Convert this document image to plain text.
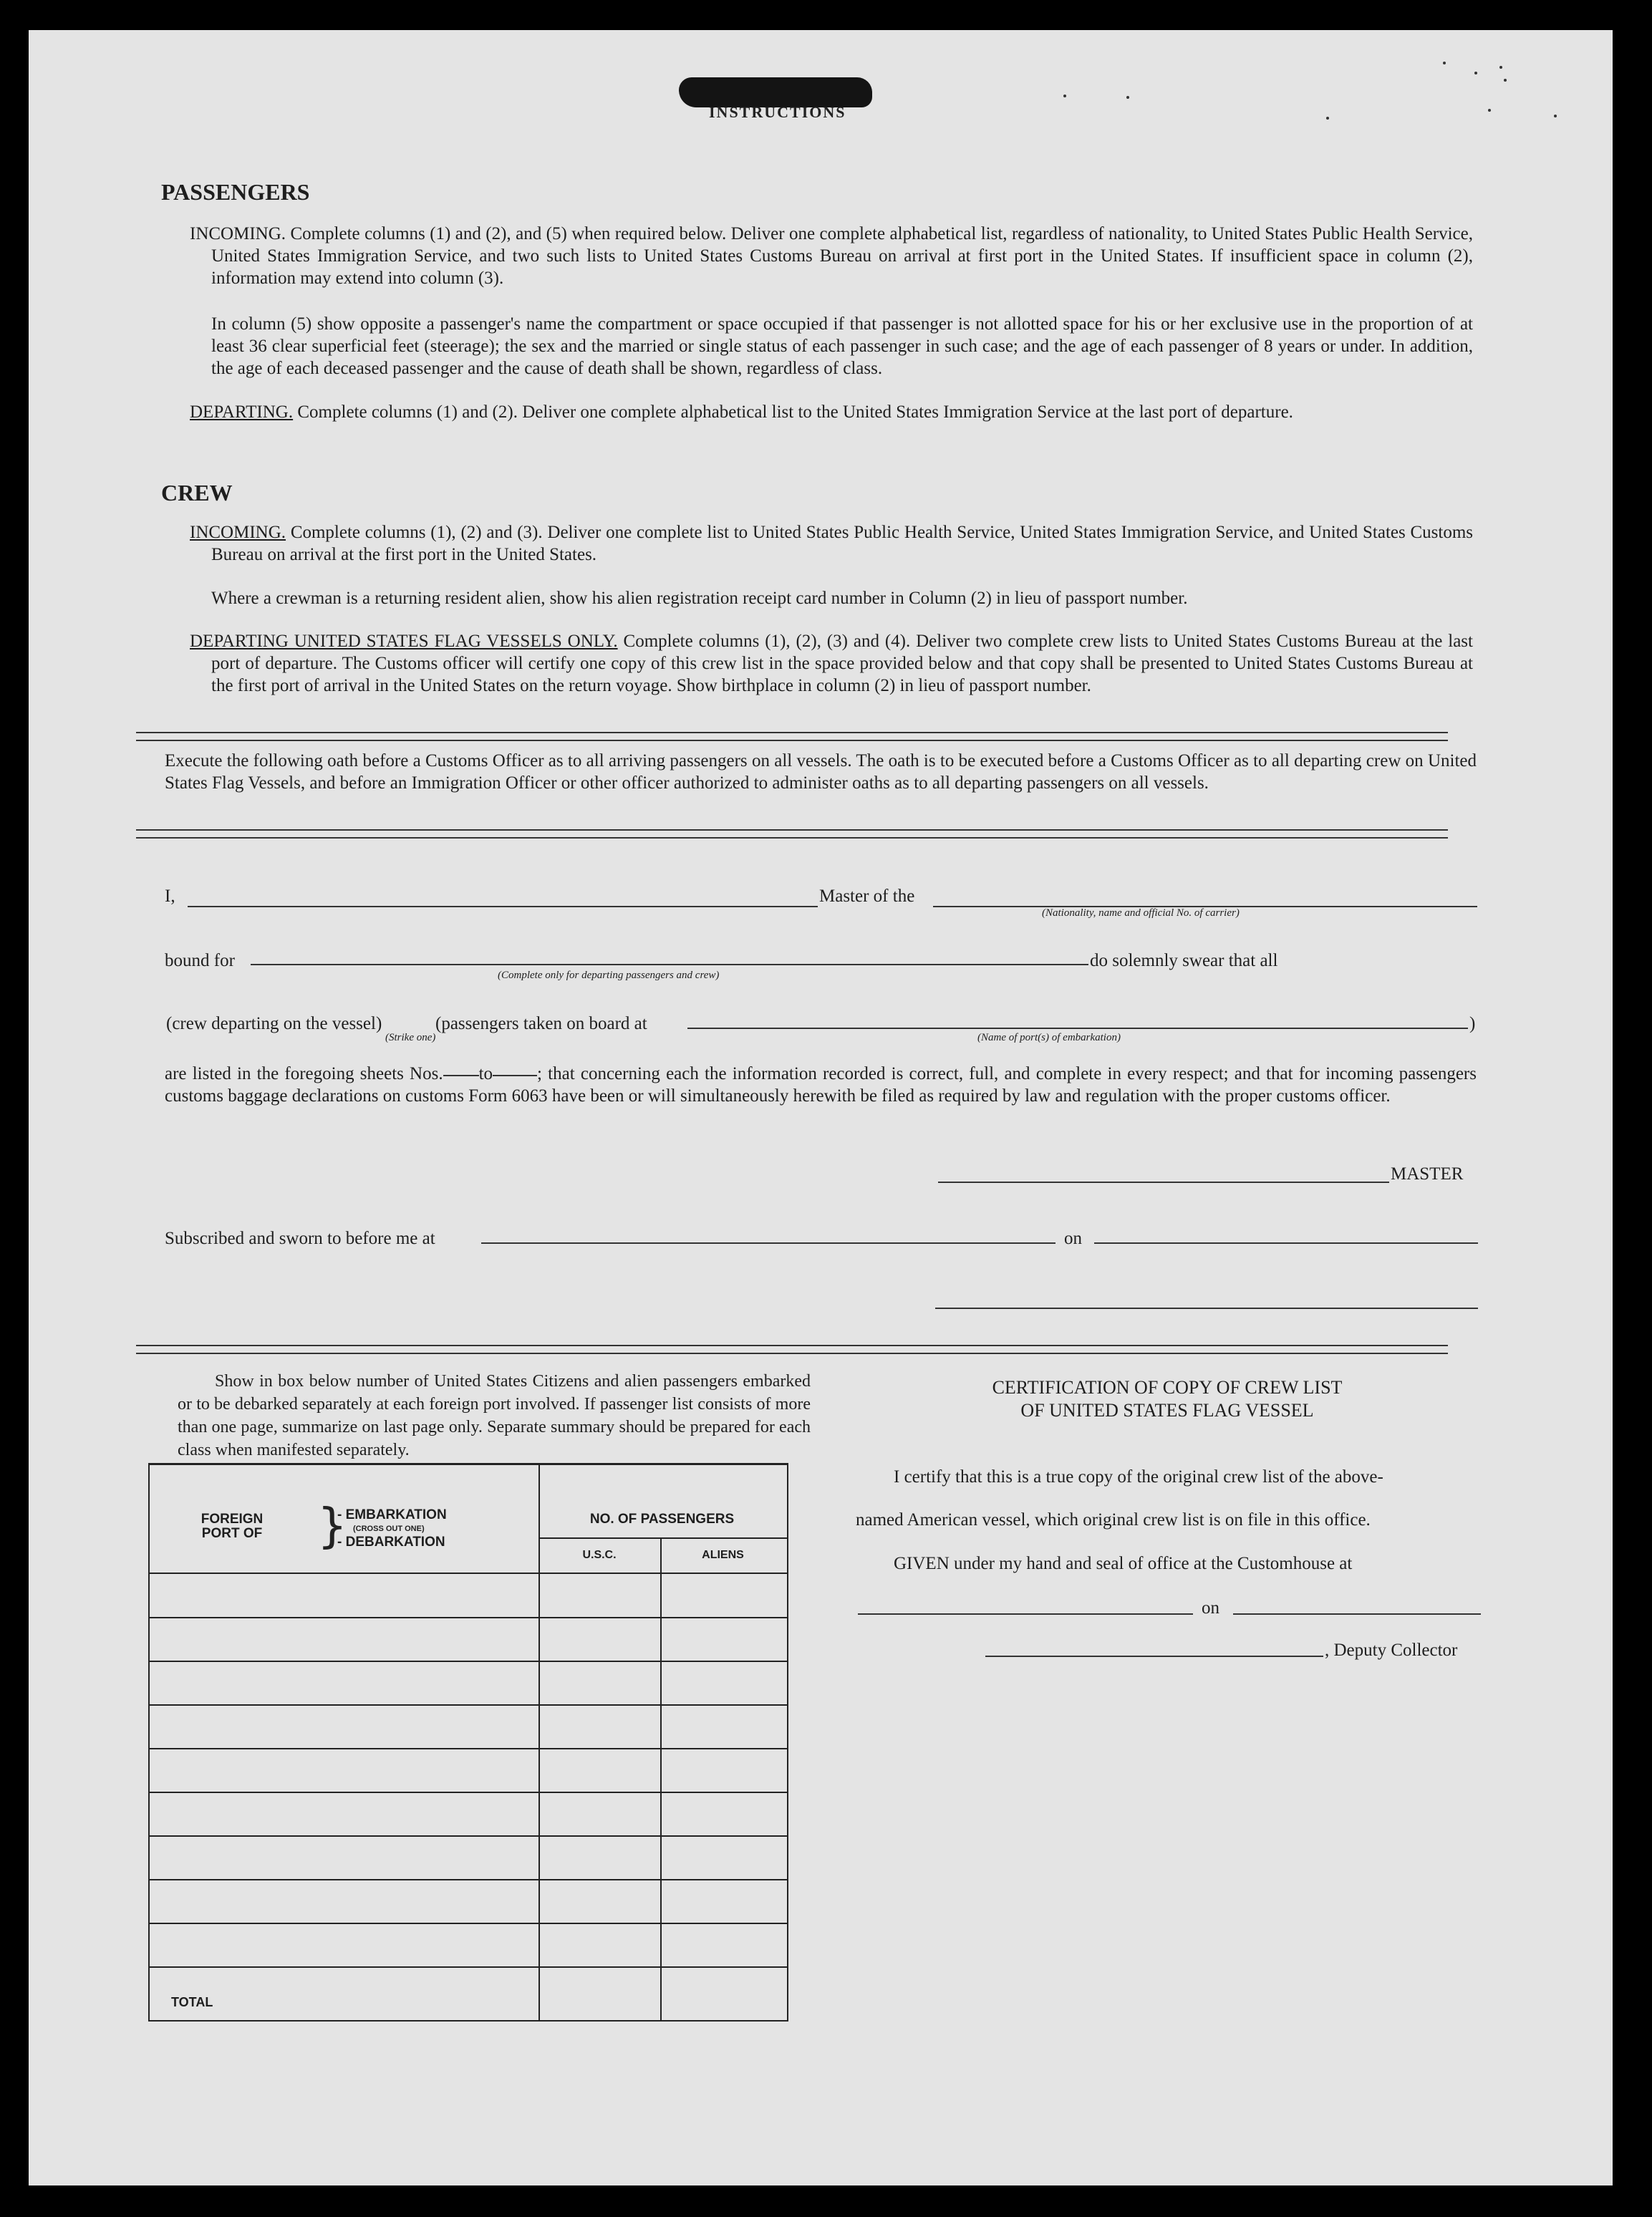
INSTRUCTIONS
PASSENGERS
INCOMING. Complete columns (1) and (2), and (5) when required below. Deliver one complete alphabetical list, regardless of nationality, to United States Public Health Service, United States Immigration Service, and two such lists to United States Customs Bureau on arrival at first port in the United States. If insufficient space in column (2), information may extend into column (3).
In column (5) show opposite a passenger's name the compartment or space occupied if that passenger is not allotted space for his or her exclusive use in the proportion of at least 36 clear superficial feet (steerage); the sex and the married or single status of each passenger in such case; and the age of each passenger of 8 years or under. In addition, the age of each deceased passenger and the cause of death shall be shown, regardless of class.
DEPARTING. Complete columns (1) and (2). Deliver one complete alphabetical list to the United States Immigration Service at the last port of departure.
CREW
INCOMING. Complete columns (1), (2) and (3). Deliver one complete list to United States Public Health Service, United States Immigration Service, and United States Customs Bureau on arrival at the first port in the United States.
Where a crewman is a returning resident alien, show his alien registration receipt card number in Column (2) in lieu of passport number.
DEPARTING UNITED STATES FLAG VESSELS ONLY. Complete columns (1), (2), (3) and (4). Deliver two complete crew lists to United States Customs Bureau at the last port of departure. The Customs officer will certify one copy of this crew list in the space provided below and that copy shall be presented to United States Customs Bureau at the first port of arrival in the United States on the return voyage. Show birthplace in column (2) in lieu of passport number.
Execute the following oath before a Customs Officer as to all arriving passengers on all vessels. The oath is to be executed before a Customs Officer as to all departing crew on United States Flag Vessels, and before an Immigration Officer or other officer authorized to administer oaths as to all departing passengers on all vessels.
I,	Master of the
(Nationality, name and official No. of carrier)
bound for
(Complete only for departing passengers and crew)
do solemnly swear that all
(crew departing on the vessel)	(passengers taken on board at	)
(Strike one)	(Name of port(s) of embarkation)
are listed in the foregoing sheets Nos. to ; that concerning each the information recorded is correct, full, and complete in every respect; and that for incoming passengers customs baggage declarations on customs Form 6063 have been or will simultaneously herewith be filed as required by law and regulation with the proper customs officer.
MASTER
Subscribed and sworn to before me at	on
Show in box below number of United States Citizens and alien passengers embarked or to be debarked separately at each foreign port involved. If passenger list consists of more than one page, summarize on last page only. Separate summary should be prepared for each class when manifested separately.
FOREIGN PORT OF	}
- EMBARKATION
(CROSS OUT ONE)
- DEBARKATION
NO. OF PASSENGERS
U.S.C.	ALIENS
TOTAL
CERTIFICATION OF COPY OF CREW LIST
OF UNITED STATES FLAG VESSEL
I certify that this is a true copy of the original crew list of the above-
named American vessel, which original crew list is on file in this office.
GIVEN under my hand and seal of office at the Customhouse at
on
, Deputy Collector
